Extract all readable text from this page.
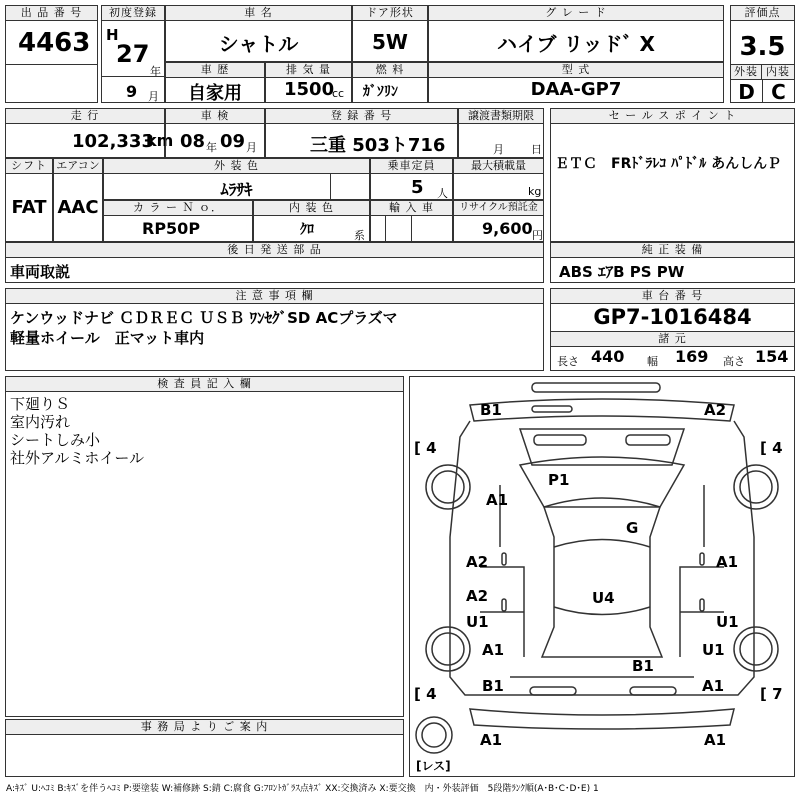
出 品 番 号
4463
初度登録
H
27
年
9 月
車 名
シャトル
ドア形状
5W
グ レ ー ド
ハイブ リッドﾞ X
評価点
3.5
外装 内装
D C
車 歴
自家用
排 気 量
1500
cc
燃 料
ｶﾞｿﾘﾝ
型 式
DAA-GP7
走 行
102,333
km
車 検
08 年 09 月
登 録 番 号
三重 503ト716
譲渡書類期限
月 日
シフト
FAT
エアコン
AAC
外 装 色
ﾑﾗｻｷ
乗車定員
5 人
最大積載量
kg
カ ラ ー Ｎ ｏ．
RP50P
内 装 色
ｸﾛ	系
輸 入 車	リサイクル預託金
9,600 円
後 日 発 送 部 品
車両取説
セ ー ル ス ポ イ ン ト
ＥＴＣ　FRﾄﾞﾗﾚｺ ﾊﾟﾄﾞﾙ あんしんＰ
純 正 装 備
ABS ｴｱB PS PW
注 意 事 項 欄
ケンウッドナビ ＣＤＲＥＣ ＵＳＢ ﾜﾝｾｸﾞSD ACプラズマ
軽量ホイール　正マット車内
車 台 番 号
GP7-1016484
諸 元
長さ 440 幅 169 高さ 154
検 査 員 記 入 欄
下廻りＳ
室内汚れ
シートしみ小
社外アルミホイール
事 務 局 よ り ご 案 内
B1	A2
[ 4	[ 4
A1
P1
G
A2	A1
A2
U1
U4
U1
A1	U1
B1
B1	A1
[ 4	[ 7
A1	A1
[レス]
A:ｷｽﾞ U:ﾍｺﾐ B:ｷｽﾞを伴うﾍｺﾐ P:要塗装 W:補修跡 S:錆 C:腐食 G:ﾌﾛﾝﾄｶﾞﾗｽ点ｷｽﾞ XX:交換済み X:要交換　内・外装評価　5段階ﾗﾝｸ順(A･B･C･D･E) 1
